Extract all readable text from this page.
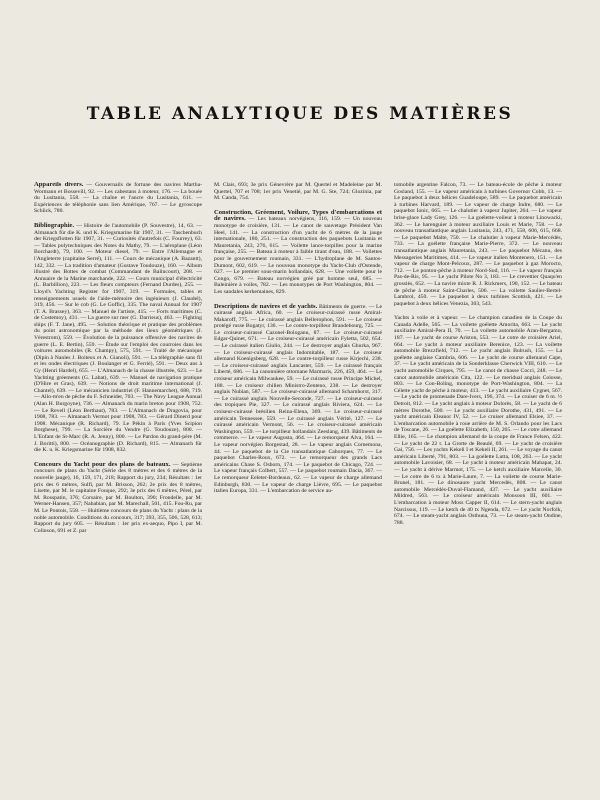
TABLE ANALYTIQUE DES MATIÈRES

Appareils divers. — Gouvernails de fortune des navires Martha-Wormann et Bossevill, 92. — Les cabestans à moteur, 176. — La bouée du Lusitania, 558. — La chaîne et l'ancre du Lusitania, 611. — Expériences de téléphonie sans lien Amérique, 767. — Le gyroscope Schlick, 780.

Bibliographie. — Histoire de l'automobile (P. Souvestre), 14, 63. — Almanach für die K. und K. Kriegsmarine für 1907, 31. — Taschenbuch der Kriegsflotten für 1907, 31. — Curiosités d'autrefois (C. Fourrey), 63. — Tables polytechniques des Notes du Mathy, 79. — L'aéroplane (Léon Borchardt), 79, 100. — Moteur diesel, 79. — Entre l'Allemagne et l'Angleterre (capitaine Serré), 111. — Cours de mécanique (A. Bazantt), 142, 332. — La tradition d'amateur (Gustave Toudouze), 160. — Album illustré des Bottes de combat (Commandant de Balincourt), 208. — Annuaire de la Marine marchande, 222. — Cours municipal d'électricité (L. Barbillion), 223. — Les fleurs compteurs (Fernand Durdes), 255. — Lloyd's Yachting Register for 1907, 319. — Formules, tables et renseignements usuels de l'aide-mémoire des ingénieurs (J. Claudel), 319, 456. — Sur le cob (G. Le Goffic), 335. The naval Annual for 1907 (T. A. Brassey), 363. — Manuel de l'artiste, 415. — Forts maritimes (C. de Costemoy), 431. — La guerre sur mer (G. Darrieus), 463. — Fighting ships (F. T. Jane), 495. — Solution théorique et pratique des problèmes du point astronomique par la méthode des lieux géométriques (J. Vérestrom), 559. — Évolution de la puissance offensive des navires de guerre (L. E. Bertin), 559. — Étude sur l'emploi des courroies dans les voitures automobiles (R. Champy), 575, 591. — Traité de mécanique (Dipin à Nanles J. Boiteux et A. Gianoli), 591. — La télégraphie sans fil et les ondes électriques (J. Boulanger et G. Ferrié), 591. — Deux ans à Gy (Henri Hardel), 655. — L'Almanach de la chasse illustrée, 623. — Le Yachting gréements (G. Labat), 639. — Manuel de navigation pratique (D'Hire et Gras), 639. — Notions de droit maritime international (J. Chantel), 639. — Le mécanicien industriel (F. Hannemarchet), 688, 719. — Allo-m'en de pêche du F. Schneider, 703. — The Navy League Annual (Alan H. Burgoyne), 736. — Almanach du marin breton pour 1908, 752. — Le Revell (Léon Berthaut), 783. — L'Almanach de Dragovia, pour 1908, 783. — Almanach Vermot pour 1908, 783. — Gérard Dinerd pour 1908. Mécanique (R. Richard), 79. Le Pékin à Paris (Yves Scipion Borghese), 799. — La Sorcière du Vendre (G. Toudouze), 800. — L'Enfant de St-Marc (R. A. Jenny), 800. — Le Pardon du grand-père (M. J. Boritti), 800. — Océanographie (D. Richard), 815. — Almanach für die K. u. K. Kriegsmarine für 1908, 832.

Concours du Yacht pour des plans de bateaux. — Septième concours de plans du Yacht (Série des 8 mètres et des 6 mètres de la nouvelle jauge), 16, 159, 171, 218; Rapport du jury, 234; Résultats : 1er prix des 6 mètres, Sulfi, par M. Brisson, 262; 2e prix des 8 mètres, Lisette, par M. le capitaine Fouque, 292; 3e prix des 6 mètres, Pérel, par M. Rosspatin, 376; Corsaire, par M. Boulton, 390; Frondelle, par M. Werner-Hansen, 357; Nababian, par M. Marechall, 501, 415. Fou-Ru, par M. Le Pontois, 558. — Huitième concours de plans du Yacht : plans de la noble automobile. Conditions du concours, 317; 393, 355, 506, 528, 613; Rapport du jury 605. — Résultats : 1er prix ex-aequo, Pipo I, par M. Colinson, 691 et Z. par

M. Clais, 693; 3e prix Génevrère par M. Quertel et Madeleine par M. Quertel, 707 et 708; 1er prix Venetié, par M. G. Ste, 724; Glozinia, par M. Canda, 754.

Construction, Gréement, Voilure, Types d'embarcations et de navires. — Les bateaux norvégiens, 116, 159. — Un nouveau monotype de croisière, 131. — Le canot de sauvetage Président Van Heel, 141. — La construction d'un yacht de 6 mètres de la jauge internationale, 180, 251. — La construction des paquebots Lusitania et Mauretania, 243, 276, 615. — Voilette lance-torpilles pour la marine française, 255. — Bateau à moteur à faible tirant d'eau, 188. — Voilettes pour le gouvernement roumain, 331. — L'hydroplane de M. Santos-Dumont, 602, 619. — Le nouveau monotype du Yacht-Club d'Ostende, 627. — Le premier sous-marin hollandais, 628. — Une voilette pour le Congo, 679. — Bateau norvégien gréé par homme seul, 685. — Baleinière à voiles, 782. — Les monotypes de Port Washington, 804. — Les sandales kerkemaines, 829.

Descriptions de navires et de yachts. Bâtiments de guerre. — Le cuirassé anglais Africa, 60. — Le croiseur-cuirassé russe Amiral-Makaroff, 775. — Le cuirassé anglais Bellerophon, 591. — Le croiseur protégé russe Bogatyr, 136. — Le contre-torpilleur Brandebourg, 725. — Le croiseur-cuirassé Cazonel-Bologanu, 87. — Le croiseur-cuirassé Edgar-Quinet, 671. — Le croiseur-cuirassé américain Fyletta, 502, 654. — Le cuirassé italien Giulio, 244. — Le destroyer anglais Ghurka, 967. — Le croiseur-cuirassé anglais Indomitable, 187. — Le croiseur allemand Koenigsberg, 628. — Le contre-torpilleur russe Kirjechi, 238. — Le croiseur-cuirassé anglais Lancaster, 559. — Le cuirassé français Liberté, 686. — La canonnière ottomane Marmaris, 226, 459, 464. — Le croiseur américain Milwaukee, 59. — Le cuirassé russe Principe Michel, 188. — Le croiseur chilien Ministro-Zenteno, 238. — Le destroyer anglais Nubian, 587. — Le croiseur-cuirassé allemand Scharnhorst, 317. — Le cuirassé anglais Nouvelle-Seconde, 727. — Le croiseur-cuirassé des tropiques Pie, 327. — Le cuirassé anglais Riviera, 624. — Le croiseur-cuirassé brésilien Reina-Elena, 369. — Le croiseur-cuirassé américain Tennessee, 559. — Le cuirassé anglais Vérité, 127. — Le cuirassé américain Vermont, 56. — Le croiseur-cuirassé américain Washington, 559. — Le torpilleur hollandais Zeeslang, 439. Bâtiments de commerce. — Le vapeur Augusta, 464. — Le remorqueur Alva, 164. — Le vapeur norvégien Borgestad, 28. — Le vapeur anglais Cornemona, 44. — Le paquebot de la Cie transatlantique Caborques, 77. — Le paquebot Charles-Roux, 672. — Le remorqueur des grands Lacs américains Chase S. Osborn, 174. — Le paquebot de Chicago, 724. — Le vapeur français Colbert, 557. — Le paquebot roumain Dacia, 367. — Le remorqueur Eeleter-Bordeaux, 62. — Le vapeur de charge allemand Edinburgh, 830. — Le vapeur de charge Lièvre, 695. — Le paquebot italien Europa, 331. — L'embarcation de service au-

tomobile argentine Falcon, 73. — Le bateau-école de pêche à moteur Gosland, 155. — Le vapeur américain à turbines Governor Cobb, 13. — Le paquebot à deux hélices Guadeloupe, 589. — Le paquebot américain à turbines Harvard, 189. — Le vapeur de charge Indre, 680. — Le paquebot Ionic, 665. — Le chalutier à vapeur Jupiter, 264. — Le vapeur brise-glace Lady Grey, 126. — La goélette-voileur à moteur Linowacki, 362. — Le harenguier à moteur auxiliaire Louis et Marie, 758. — Le nouveau transatlantique anglais Lusitania, 243, 471, 558, 606, 615, 668. — Le paquebot Malte, 750. — Le chalutier à vapeur Marie-Mercédès, 733. — La goélette française Marie-Pierre, 372. — Le nouveau transatlantique anglais Mauretania, 243. — Le paquebot Mécanu, des Messageries Maritimes, 414. — Le vapeur italien Montenero, 151. — Le vapeur de charge Mont-Pelcoux, 287. — Le paquebot à gaz Morocto, 712. — Le ponton-pêche à moteur Nord-Sud, 116. — Le vapeur français Pas-de-Ris, 95. — Le yacht Pilote No 3, 183. — Le crevettier Quaqu'en grossiès, 652. — La navire mixte R. J. Rickmers, 190, 152. — Le bateau de pêche à moteur Saint-Charles, 506. — La voilette Saulier-Bertel-Lambrol, 450. — Le paquebot à deux turbines Scottish, 421. — Le paquebot à deux hélices Venezia, 303, 543.

Yachts à voile et à vapeur. — Le champion canadien de la Coupe du Canada Adelle, 565. — La voilette goélette Amorita, 663. — Le yacht auxiliaire Amiral-Pera II, 70. — La voilette automobile Aran-Bergamo, 187. — Le yacht de course Ariston, 553. — Le cotre de croisière Ariel, 664. — Le yacht à moteur auxiliaire Berenice, 123. — La voilette automobile Brezzfield, 712. — Le yacht anglais Bulrush, 155. — La goélette anglaise Cambria, 606. — Le yacht de course allemand Cape, 37. — Le yacht américain de la Sonderklasse Cherwick VIII, 610. — Le yacht automobile Cirques, 795. — Le canot de chasse Cocci, 248. — Le canot automobile américain Cita, 122. — Le meridual anglais Colosse, 803. — Le Con-Boling, monotype de Port-Washington, 804. — La Célette yacht de pêche à moteur, 413. — Le yacht auxiliaire Cygnet, 567. — Le yacht de promenade Dare-Ivers, 196, 374. — Le cruiser de 6 m. ½ Detroit, 812. — Le yacht anglais à moteur Dolorès, 58. — Le yacht de 6 mètres Dorothe, 500. — Le yacht auxiliaire Dorothe, 431, 491. — Le yacht américain Eleanor IV, 52. — Le cruiser allemand Elsiee, 37. — L'embarcation automobile à roue arrière de M. S. Orlando pour les Lacs de Toscane, 26. — La goélette Elizabeth, 150, 265. — Le cotre allemand Ellie, 165. — Le champion allemand de la coupe de France Felsen, 422. — Le yacht de 22 t. La Grotte de Beaulé, 69. — Le yacht de croisière Gai, 756. — Les yachts Kekeli I et Kekeli II, 261. — Le voyage du canot américain Liberté, 791, 803. — La goélette Lutta, 108, 263. — Le yacht automobile Lavoisier, 68. — Le yacht à moteur américain Mahapat, 24. — Le yacht à dérive Marmot, 175. — Le ketch auxiliaire Marcelle, 30. — Le cotre de 6 tx à Marie-Laure, 7. — La voilette de course Marie-Brunel, 181. — Le dinosaure yacht Mercedès, 808. — Le canot automobile Mercédès-Duval-Flamand, 437. — Le yacht auxiliaire Mildred, 563. — Le croiseur américain Monsoon III, 601. — L'embarcation à moteur Moss Capper II, 614. — Le stern-yacht anglais Narcissus, 119. — Le ketch de 40 tx Ngenda, 672. — Le yacht Norfolk, 674. — Le steam-yacht anglais Osthuna, 73. — Le steam-yacht Ondine, 788.
